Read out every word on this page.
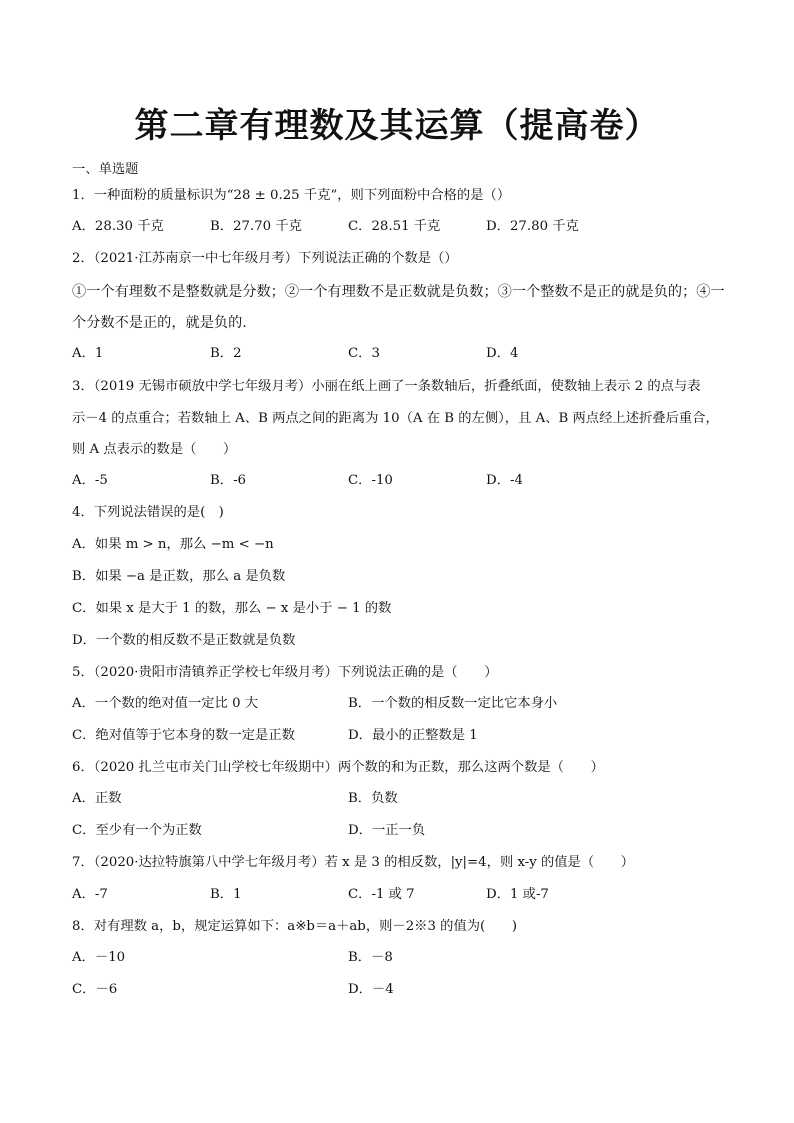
第二章有理数及其运算（提高卷）
一、单选题
1．一种面粉的质量标识为“28 ± 0.25 千克”，则下列面粉中合格的是（）
A．28.30 千克	B．27.70 千克	C．28.51 千克	D．27.80 千克
2．（2021·江苏南京一中七年级月考）下列说法正确的个数是（）
①一个有理数不是整数就是分数；②一个有理数不是正数就是负数；③一个整数不是正的就是负的；④一
个分数不是正的，就是负的.
A．1	B．2	C．3	D．4
3．（2019 无锡市硕放中学七年级月考）小丽在纸上画了一条数轴后，折叠纸面，使数轴上表示 2 的点与表
示－4 的点重合；若数轴上 A、B 两点之间的距离为 10（A 在 B 的左侧），且 A、B 两点经上述折叠后重合，
则 A 点表示的数是（　　）
A．-5	B．-6	C．-10	D．-4
4．下列说法错误的是(　)
A．如果 m > n，那么 −m < −n
B．如果 −a 是正数，那么 a 是负数
C．如果 x 是大于 1 的数，那么 − x 是小于 − 1 的数
D．一个数的相反数不是正数就是负数
5．（2020·贵阳市清镇养正学校七年级月考）下列说法正确的是（　　）
A．一个数的绝对值一定比 0 大	B．一个数的相反数一定比它本身小
C．绝对值等于它本身的数一定是正数	D．最小的正整数是 1
6．（2020 扎兰屯市关门山学校七年级期中）两个数的和为正数，那么这两个数是（　　）
A．正数	B．负数
C．至少有一个为正数	D．一正一负
7．（2020·达拉特旗第八中学七年级月考）若 x 是 3 的相反数，|y|=4，则 x-y 的值是（　　）
A．-7	B．1	C．-1 或 7	D．1 或-7
8．对有理数 a，b，规定运算如下：a※b＝a＋ab，则－2※3 的值为(　　)
A．－10	B．－8
C．－6	D．－4
